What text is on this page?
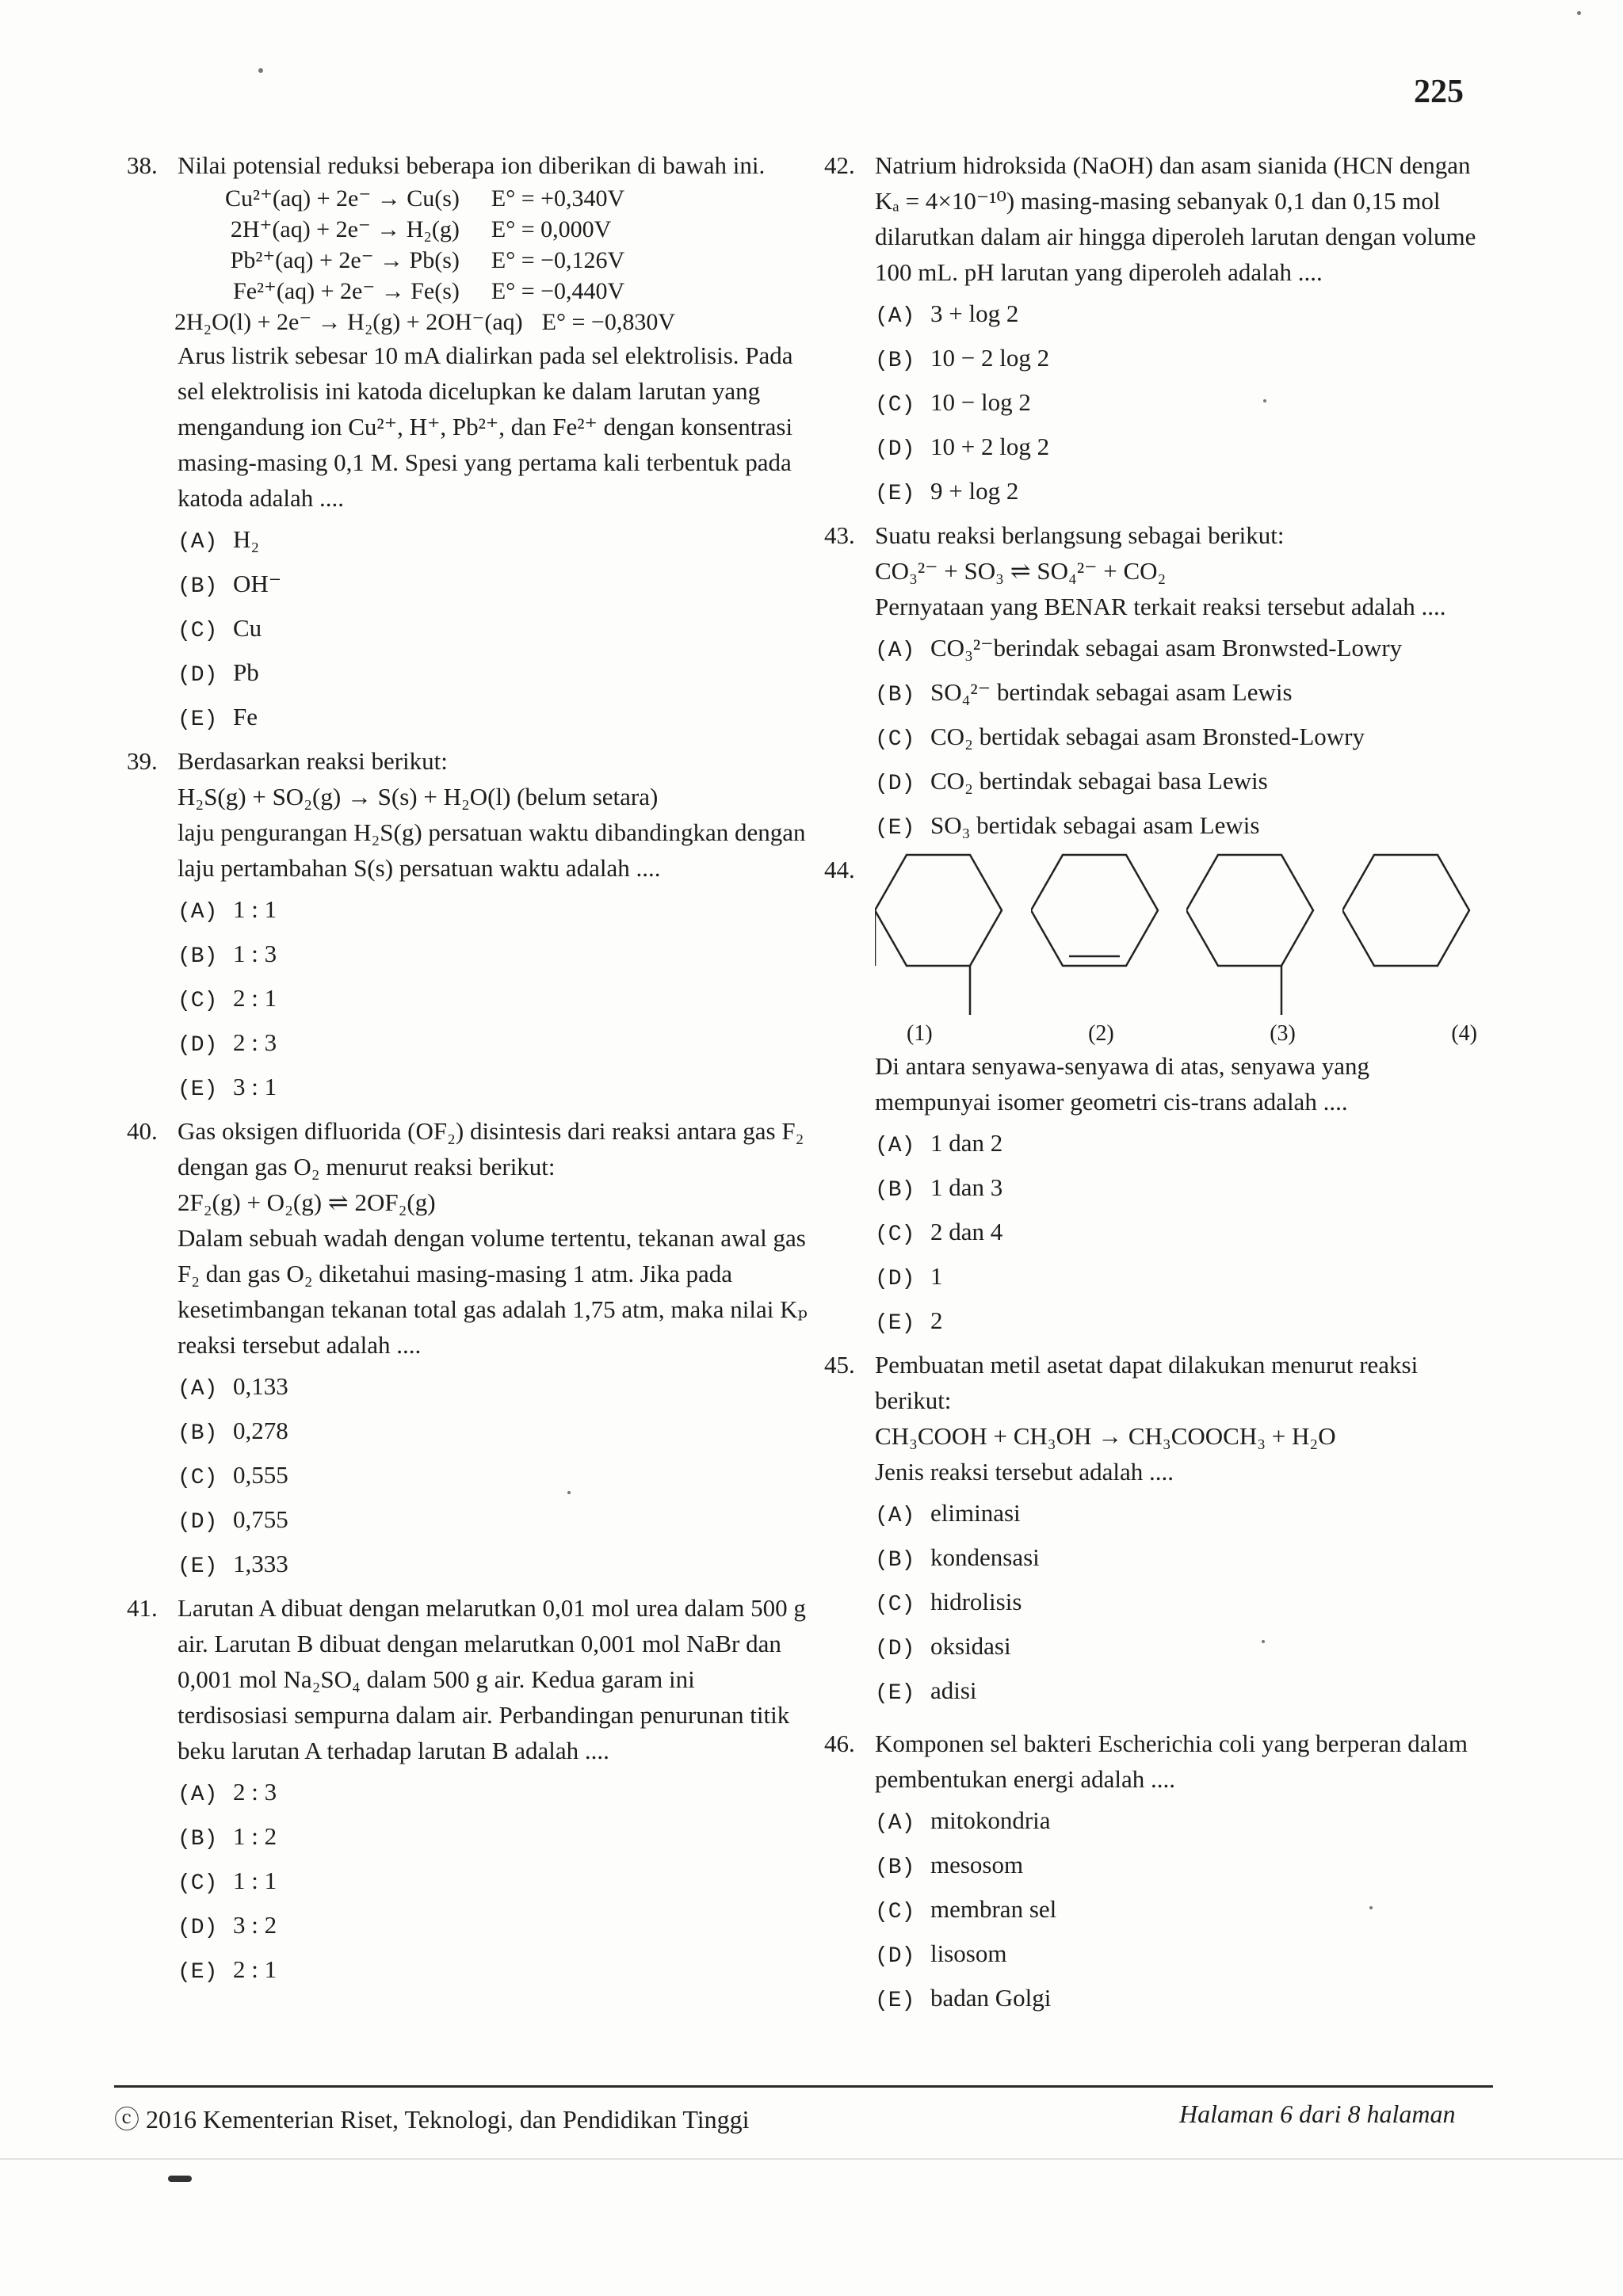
225
38. Nilai potensial reduksi beberapa ion diberikan di bawah ini.
Cu²⁺(aq) + 2e⁻ → Cu(s)	E° = +0,340V
2H⁺(aq) + 2e⁻ → H₂(g)	E° = 0,000V
Pb²⁺(aq) + 2e⁻ → Pb(s)	E° = −0,126V
Fe²⁺(aq) + 2e⁻ → Fe(s)	E° = −0,440V
2H₂O(l) + 2e⁻ → H₂(g) + 2OH⁻(aq)	E° = −0,830V
Arus listrik sebesar 10 mA dialirkan pada sel elektrolisis. Pada sel elektrolisis ini katoda dicelupkan ke dalam larutan yang mengandung ion Cu²⁺, H⁺, Pb²⁺, dan Fe²⁺ dengan konsentrasi masing-masing 0,1 M. Spesi yang pertama kali terbentuk pada katoda adalah ....
(A) H₂
(B) OH⁻
(C) Cu
(D) Pb
(E) Fe
39. Berdasarkan reaksi berikut:
H₂S(g) + SO₂(g) → S(s) + H₂O(l) (belum setara)
laju pengurangan H₂S(g) persatuan waktu dibandingkan dengan laju pertambahan S(s) persatuan waktu adalah ....
(A) 1 : 1
(B) 1 : 3
(C) 2 : 1
(D) 2 : 3
(E) 3 : 1
40. Gas oksigen difluorida (OF₂) disintesis dari reaksi antara gas F₂ dengan gas O₂ menurut reaksi berikut:
2F₂(g) + O₂(g) ⇌ 2OF₂(g)
Dalam sebuah wadah dengan volume tertentu, tekanan awal gas F₂ dan gas O₂ diketahui masing-masing 1 atm. Jika pada kesetimbangan tekanan total gas adalah 1,75 atm, maka nilai Kₚ reaksi tersebut adalah ....
(A) 0,133
(B) 0,278
(C) 0,555
(D) 0,755
(E) 1,333
41. Larutan A dibuat dengan melarutkan 0,01 mol urea dalam 500 g air. Larutan B dibuat dengan melarutkan 0,001 mol NaBr dan 0,001 mol Na₂SO₄ dalam 500 g air. Kedua garam ini terdisosiasi sempurna dalam air. Perbandingan penurunan titik beku larutan A terhadap larutan B adalah ....
(A) 2 : 3
(B) 1 : 2
(C) 1 : 1
(D) 3 : 2
(E) 2 : 1
42. Natrium hidroksida (NaOH) dan asam sianida (HCN dengan Kₐ = 4×10⁻¹⁰) masing-masing sebanyak 0,1 dan 0,15 mol dilarutkan dalam air hingga diperoleh larutan dengan volume 100 mL. pH larutan yang diperoleh adalah ....
(A) 3 + log 2
(B) 10 − 2 log 2
(C) 10 − log 2
(D) 10 + 2 log 2
(E) 9 + log 2
43. Suatu reaksi berlangsung sebagai berikut:
CO₃²⁻ + SO₃ ⇌ SO₄²⁻ + CO₂
Pernyataan yang BENAR terkait reaksi tersebut adalah ....
(A) CO₃²⁻berindak sebagai asam Bronwsted-Lowry
(B) SO₄²⁻ bertindak sebagai asam Lewis
(C) CO₂ bertidak sebagai asam Bronsted-Lowry
(D) CO₂ bertindak sebagai basa Lewis
(E) SO₃ bertidak sebagai asam Lewis
44.
(1)	(2)	(3)	(4)
Di antara senyawa-senyawa di atas, senyawa yang mempunyai isomer geometri cis-trans adalah ....
(A) 1 dan 2
(B) 1 dan 3
(C) 2 dan 4
(D) 1
(E) 2
45. Pembuatan metil asetat dapat dilakukan menurut reaksi berikut:
CH₃COOH + CH₃OH → CH₃COOCH₃ + H₂O
Jenis reaksi tersebut adalah ....
(A) eliminasi
(B) kondensasi
(C) hidrolisis
(D) oksidasi
(E) adisi
46. Komponen sel bakteri Escherichia coli yang berperan dalam pembentukan energi adalah ....
(A) mitokondria
(B) mesosom
(C) membran sel
(D) lisosom
(E) badan Golgi
ⓒ 2016 Kementerian Riset, Teknologi, dan Pendidikan Tinggi	Halaman 6 dari 8 halaman
